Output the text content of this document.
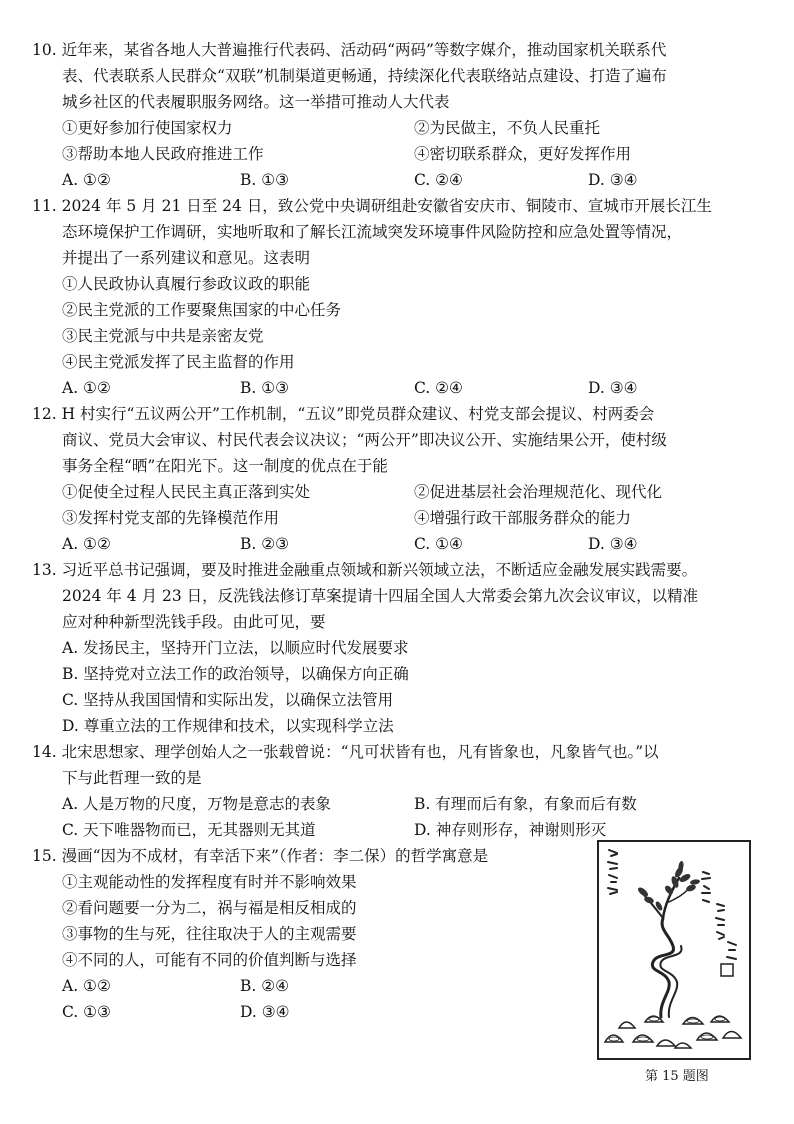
10. 近年来，某省各地人大普遍推行代表码、活动码“两码”等数字媒介，推动国家机关联系代
表、代表联系人民群众“双联”机制渠道更畅通，持续深化代表联络站点建设、打造了遍布
城乡社区的代表履职服务网络。这一举措可推动人大代表
①更好参加行使国家权力	②为民做主，不负人民重托
③帮助本地人民政府推进工作	④密切联系群众，更好发挥作用
A. ①②	B. ①③	C. ②④	D. ③④
11. 2024 年 5 月 21 日至 24 日，致公党中央调研组赴安徽省安庆市、铜陵市、宣城市开展长江生
态环境保护工作调研，实地听取和了解长江流域突发环境事件风险防控和应急处置等情况，
并提出了一系列建议和意见。这表明
①人民政协认真履行参政议政的职能
②民主党派的工作要聚焦国家的中心任务
③民主党派与中共是亲密友党
④民主党派发挥了民主监督的作用
A. ①②	B. ①③	C. ②④	D. ③④
12. H 村实行“五议两公开”工作机制，“五议”即党员群众建议、村党支部会提议、村两委会
商议、党员大会审议、村民代表会议决议；“两公开”即决议公开、实施结果公开，使村级
事务全程“晒”在阳光下。这一制度的优点在于能
①促使全过程人民民主真正落到实处	②促进基层社会治理规范化、现代化
③发挥村党支部的先锋模范作用	④增强行政干部服务群众的能力
A. ①②	B. ②③	C. ①④	D. ③④
13. 习近平总书记强调，要及时推进金融重点领域和新兴领域立法，不断适应金融发展实践需要。
2024 年 4 月 23 日，反洗钱法修订草案提请十四届全国人大常委会第九次会议审议，以精准
应对种种新型洗钱手段。由此可见，要
A. 发扬民主，坚持开门立法，以顺应时代发展要求
B. 坚持党对立法工作的政治领导，以确保方向正确
C. 坚持从我国国情和实际出发，以确保立法管用
D. 尊重立法的工作规律和技术，以实现科学立法
14. 北宋思想家、理学创始人之一张载曾说：“凡可状皆有也，凡有皆象也，凡象皆气也。”以
下与此哲理一致的是
A. 人是万物的尺度，万物是意志的表象	B. 有理而后有象，有象而后有数
C. 天下唯器物而已，无其器则无其道	D. 神存则形存，神谢则形灭
15. 漫画“因为不成材，有幸活下来”（作者：李二保）的哲学寓意是
①主观能动性的发挥程度有时并不影响效果
②看问题要一分为二，祸与福是相反相成的
③事物的生与死，往往取决于人的主观需要
④不同的人，可能有不同的价值判断与选择
A. ①②	B. ②④
C. ①③	D. ③④
第 15 题图
